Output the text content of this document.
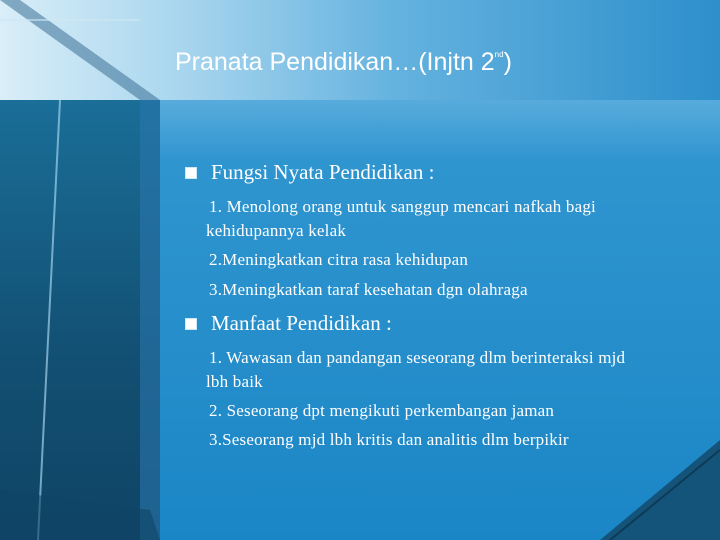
Pranata Pendidikan…(Injtn 2nd)
Fungsi Nyata Pendidikan :
1. Menolong orang untuk sanggup mencari nafkah bagi
kehidupannya kelak
2.Meningkatkan citra rasa kehidupan
3.Meningkatkan taraf kesehatan dgn olahraga
Manfaat Pendidikan :
1. Wawasan dan pandangan seseorang dlm berinteraksi mjd
lbh baik
2. Seseorang dpt mengikuti perkembangan jaman
3.Seseorang mjd lbh kritis dan analitis dlm berpikir
